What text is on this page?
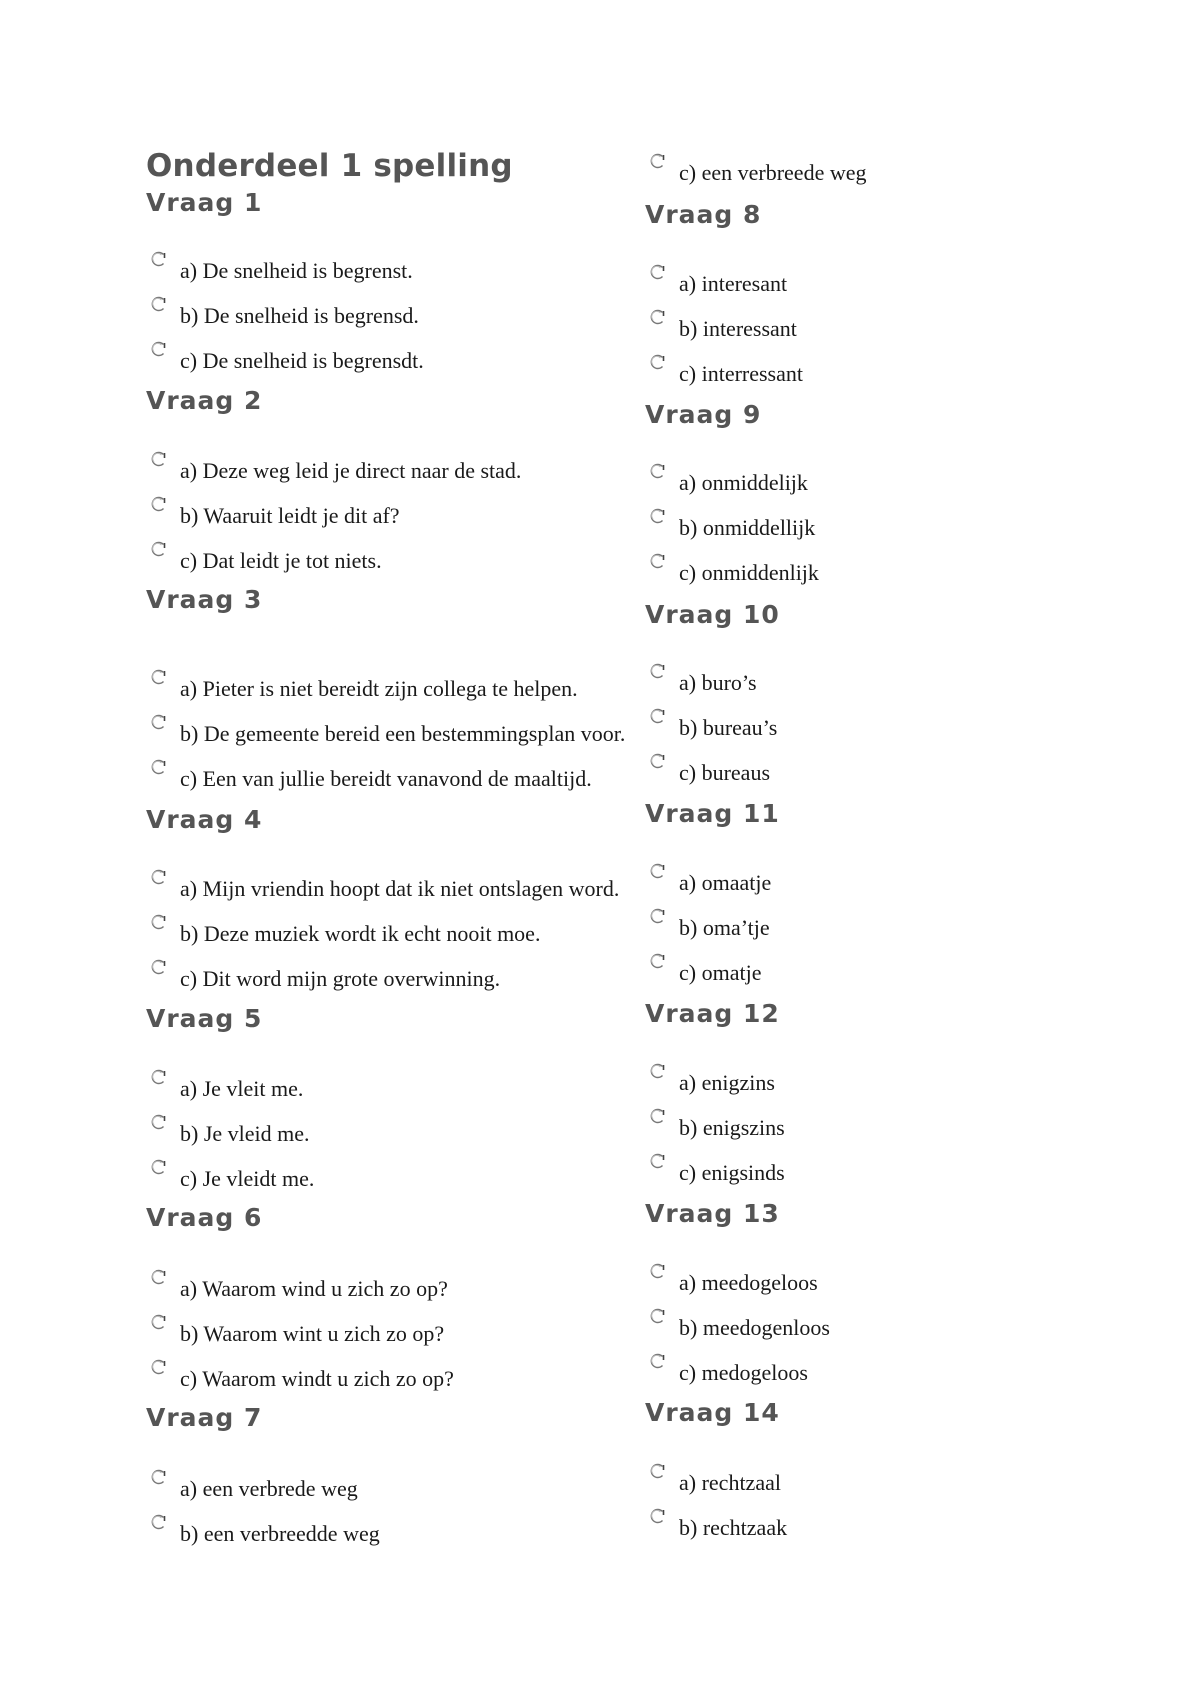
Onderdeel 1 spelling
Vraag 1
a) De snelheid is begrenst.
b) De snelheid is begrensd.
c) De snelheid is begrensdt.
Vraag 2
a) Deze weg leid je direct naar de stad.
b) Waaruit leidt je dit af?
c) Dat leidt je tot niets.
Vraag 3
a) Pieter is niet bereidt zijn collega te helpen.
b) De gemeente bereid een bestemmingsplan voor.
c) Een van jullie bereidt vanavond de maaltijd.
Vraag 4
a) Mijn vriendin hoopt dat ik niet ontslagen word.
b) Deze muziek wordt ik echt nooit moe.
c) Dit word mijn grote overwinning.
Vraag 5
a) Je vleit me.
b) Je vleid me.
c) Je vleidt me.
Vraag 6
a) Waarom wind u zich zo op?
b) Waarom wint u zich zo op?
c) Waarom windt u zich zo op?
Vraag 7
a) een verbrede weg
b) een verbreedde weg
c) een verbreede weg
Vraag 8
a) interesant
b) interessant
c) interressant
Vraag 9
a) onmiddelijk
b) onmiddellijk
c) onmiddenlijk
Vraag 10
a) buro’s
b) bureau’s
c) bureaus
Vraag 11
a) omaatje
b) oma’tje
c) omatje
Vraag 12
a) enigzins
b) enigszins
c) enigsinds
Vraag 13
a) meedogeloos
b) meedogenloos
c) medogeloos
Vraag 14
a) rechtzaal
b) rechtzaak
